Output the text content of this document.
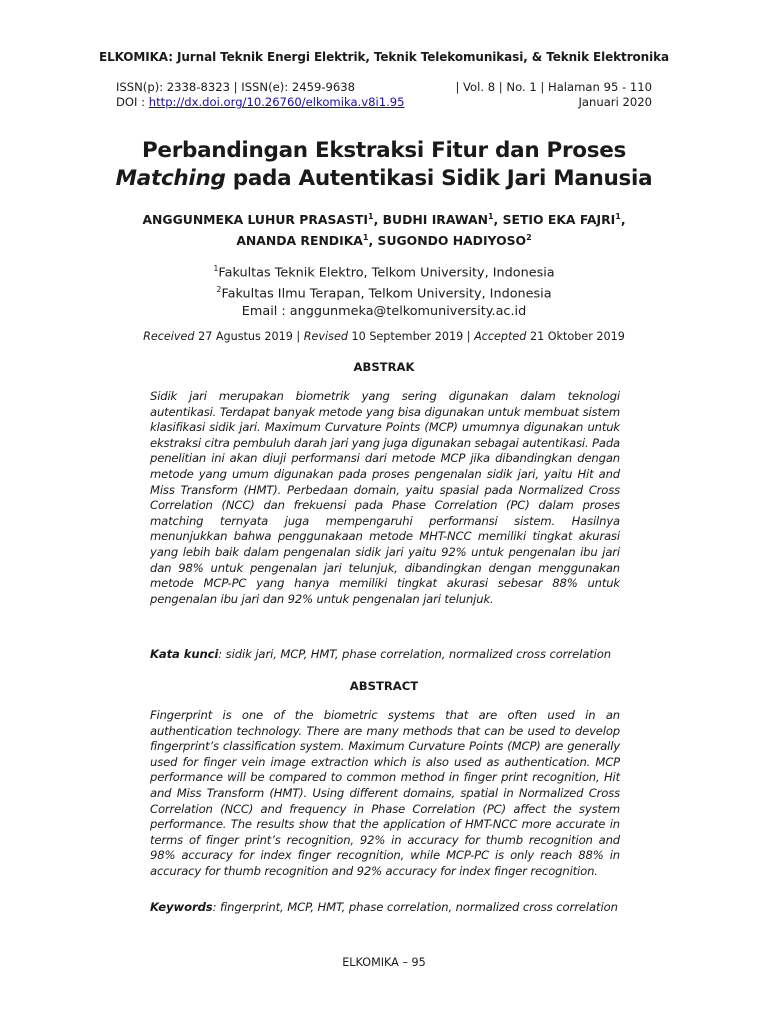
ELKOMIKA: Jurnal Teknik Energi Elektrik, Teknik Telekomunikasi, & Teknik Elektronika
ISSN(p): 2338-8323 | ISSN(e): 2459-9638
DOI : http://dx.doi.org/10.26760/elkomika.v8i1.95
| Vol. 8 | No. 1 | Halaman 95 - 110
Januari 2020
Perbandingan Ekstraksi Fitur dan Proses
Matching pada Autentikasi Sidik Jari Manusia
ANGGUNMEKA LUHUR PRASASTI$^1$, BUDHI IRAWAN$^1$, SETIO EKA FAJRI$^1$,
ANANDA RENDIKA$^1$, SUGONDO HADIYOSO$^2$
$^1$Fakultas Teknik Elektro, Telkom University, Indonesia
$^2$Fakultas Ilmu Terapan, Telkom University, Indonesia
Email : anggunmeka@telkomuniversity.ac.id
Received 27 Agustus 2019 | Revised 10 September 2019 | Accepted 21 Oktober 2019
ABSTRAK
Sidik jari merupakan biometrik yang sering digunakan dalam teknologi autentikasi. Terdapat banyak metode yang bisa digunakan untuk membuat sistem klasifikasi sidik jari. Maximum Curvature Points (MCP) umumnya digunakan untuk ekstraksi citra pembuluh darah jari yang juga digunakan sebagai autentikasi. Pada penelitian ini akan diuji performansi dari metode MCP jika dibandingkan dengan metode yang umum digunakan pada proses pengenalan sidik jari, yaitu Hit and Miss Transform (HMT). Perbedaan domain, yaitu spasial pada Normalized Cross Correlation (NCC) dan frekuensi pada Phase Correlation (PC) dalam proses matching ternyata juga mempengaruhi performansi sistem. Hasilnya menunjukkan bahwa penggunakaan metode MHT-NCC memiliki tingkat akurasi yang lebih baik dalam pengenalan sidik jari yaitu 92% untuk pengenalan ibu jari dan 98% untuk pengenalan jari telunjuk, dibandingkan dengan menggunakan metode MCP-PC yang hanya memiliki tingkat akurasi sebesar 88% untuk pengenalan ibu jari dan 92% untuk pengenalan jari telunjuk.
Kata kunci: sidik jari, MCP, HMT, phase correlation, normalized cross correlation
ABSTRACT
Fingerprint is one of the biometric systems that are often used in an authentication technology. There are many methods that can be used to develop fingerprint’s classification system. Maximum Curvature Points (MCP) are generally used for finger vein image extraction which is also used as authentication. MCP performance will be compared to common method in finger print recognition, Hit and Miss Transform (HMT). Using different domains, spatial in Normalized Cross Correlation (NCC) and frequency in Phase Correlation (PC) affect the system performance. The results show that the application of HMT-NCC more accurate in terms of finger print’s recognition, 92% in accuracy for thumb recognition and 98% accuracy for index finger recognition, while MCP-PC is only reach 88% in accuracy for thumb recognition and 92% accuracy for index finger recognition.
Keywords: fingerprint, MCP, HMT, phase correlation, normalized cross correlation
ELKOMIKA – 95
